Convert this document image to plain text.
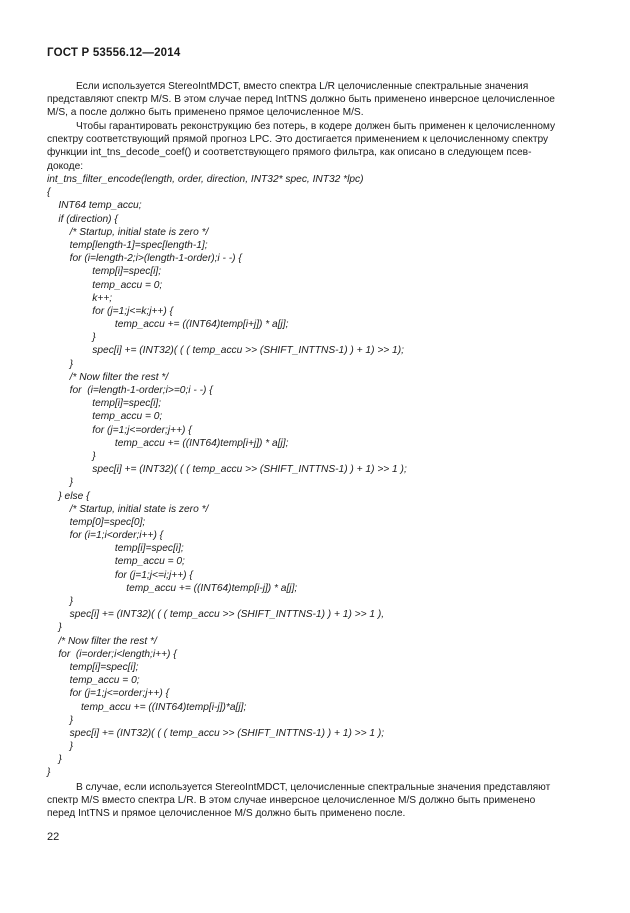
ГОСТ Р 53556.12—2014
Если используется StereoIntMDCT, вместо спектра L/R целочисленные спектральные значения
представляют спектр M/S. В этом случае перед IntTNS должно быть применено инверсное целочисленное
M/S, а после должно быть применено прямое целочисленное M/S.
Чтобы гарантировать реконструкцию без потерь, в кодере должен быть применен к целочисленному
спектру соответствующий прямой прогноз LPC. Это достигается применением к целочисленному спектру
функции int_tns_decode_coef() и соответствующего прямого фильтра, как описано в следующем псев-
докоде:
int_tns_filter_encode(length, order, direction, INT32* spec, INT32 *lpc)
{
INT64 temp_accu;
if (direction) {
/* Startup, initial state is zero */
temp[length-1]=spec[length-1];
for (i=length-2;i>(length-1-order);i - -) {
temp[i]=spec[i];
temp_accu = 0;
k++;
for (j=1;j<=k;j++) {
temp_accu += ((INT64)temp[i+j]) * a[j];
}
spec[i] += (INT32)( ( ( temp_accu >> (SHIFT_INTTNS-1) ) + 1) >> 1);
}
/* Now filter the rest */
for  (i=length-1-order;i>=0;i - -) {
temp[i]=spec[i];
temp_accu = 0;
for (j=1;j<=order;j++) {
temp_accu += ((INT64)temp[i+j]) * a[j];
}
spec[i] += (INT32)( ( ( temp_accu >> (SHIFT_INTTNS-1) ) + 1) >> 1 );
}
} else {
/* Startup, initial state is zero */
temp[0]=spec[0];
for (i=1;i<order;i++) {
temp[i]=spec[i];
temp_accu = 0;
for (j=1;j<=i;j++) {
temp_accu += ((INT64)temp[i-j]) * a[j];
}
spec[i] += (INT32)( ( ( temp_accu >> (SHIFT_INTTNS-1) ) + 1) >> 1 ),
}
/* Now filter the rest */
for  (i=order;i<length;i++) {
temp[i]=spec[i];
temp_accu = 0;
for (j=1;j<=order;j++) {
temp_accu += ((INT64)temp[i-j])*a[j];
}
spec[i] += (INT32)( ( ( temp_accu >> (SHIFT_INTTNS-1) ) + 1) >> 1 );
}
}
}
В случае, если используется StereoIntMDCT, целочисленные спектральные значения представляют
спектр M/S вместо спектра L/R. В этом случае инверсное целочисленное M/S должно быть применено
перед IntTNS и прямое целочисленное M/S должно быть применено после.
22
